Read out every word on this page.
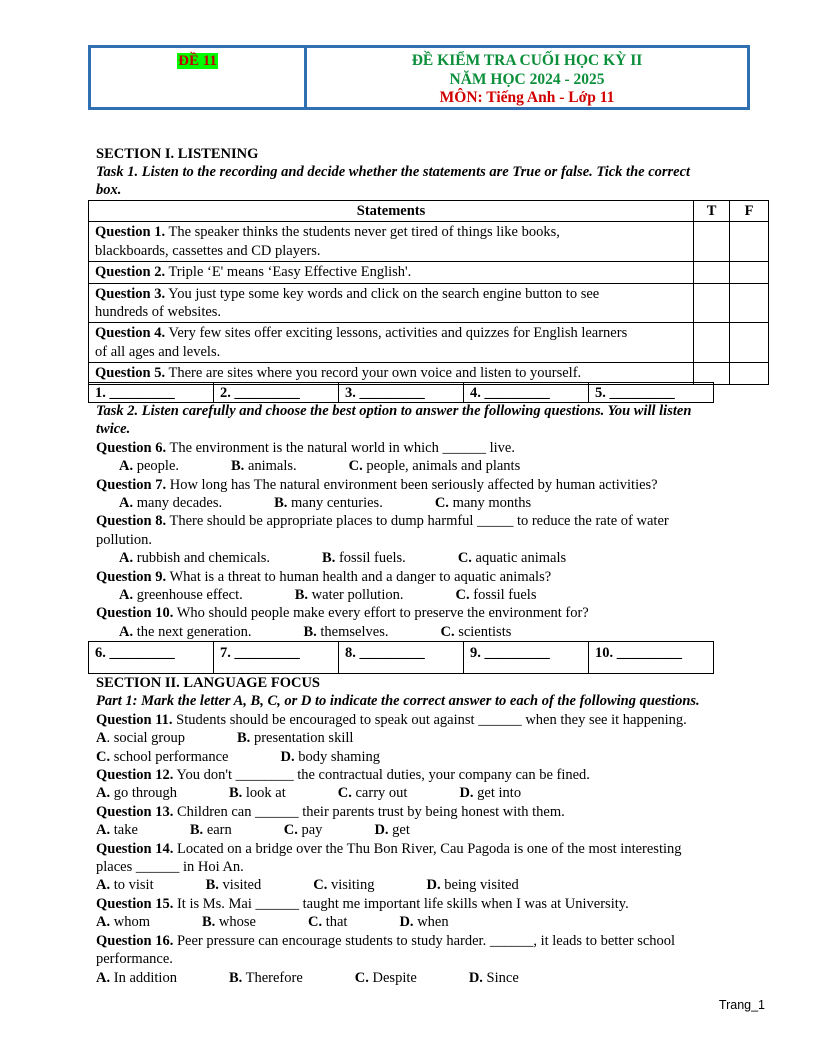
ĐỀ 11	ĐỀ KIỂM TRA CUỐI HỌC KỲ II
NĂM HỌC 2024 - 2025
MÔN: Tiếng Anh - Lớp 11
SECTION I. LISTENING
Task 1. Listen to the recording and decide whether the statements are True or false. Tick the correct
box.
Statements	T	F
Question 1. The speaker thinks the students never get tired of things like books,
blackboards, cassettes and CD players.		
Question 2. Triple ‘E' means ‘Easy Effective English'.		
Question 3. You just type some key words and click on the search engine button to see
hundreds of websites.		
Question 4. Very few sites offer exciting lessons, activities and quizzes for English learners
of all ages and levels.		
Question 5. There are sites where you record your own voice and listen to yourself.		
1. _________	2. _________	3. _________	4. _________	5. _________
Task 2. Listen carefully and choose the best option to answer the following questions. You will listen
twice.
Question 6. The environment is the natural world in which ______ live.
A. people.	B. animals.	C. people, animals and plants
Question 7. How long has The natural environment been seriously affected by human activities?
A. many decades.	B. many centuries.	C. many months
Question 8. There should be appropriate places to dump harmful _____ to reduce the rate of water
pollution.
A. rubbish and chemicals.	B. fossil fuels.	C. aquatic animals
Question 9. What is a threat to human health and a danger to aquatic animals?
A. greenhouse effect.	B. water pollution.	C. fossil fuels
Question 10. Who should people make every effort to preserve the environment for?
A. the next generation.	B. themselves.	C. scientists
6. _________	7. _________	8. _________	9. _________	10. _________
SECTION II. LANGUAGE FOCUS
Part 1: Mark the letter A, B, C, or D to indicate the correct answer to each of the following questions.
Question 11. Students should be encouraged to speak out against ______ when they see it happening.
A. social group	B. presentation skill
C. school performance	D. body shaming
Question 12. You don't ________ the contractual duties, your company can be fined.
A. go through	B. look at	C. carry out	D. get into
Question 13. Children can ______ their parents trust by being honest with them.
A. take	B. earn	C. pay	D. get
Question 14. Located on a bridge over the Thu Bon River, Cau Pagoda is one of the most interesting
places ______ in Hoi An.
A. to visit	B. visited	C. visiting	D. being visited
Question 15. It is Ms. Mai ______ taught me important life skills when I was at University.
A. whom	B. whose	C. that	D. when
Question 16. Peer pressure can encourage students to study harder. ______, it leads to better school
performance.
A. In addition	B. Therefore	C. Despite	D. Since
Trang_1
